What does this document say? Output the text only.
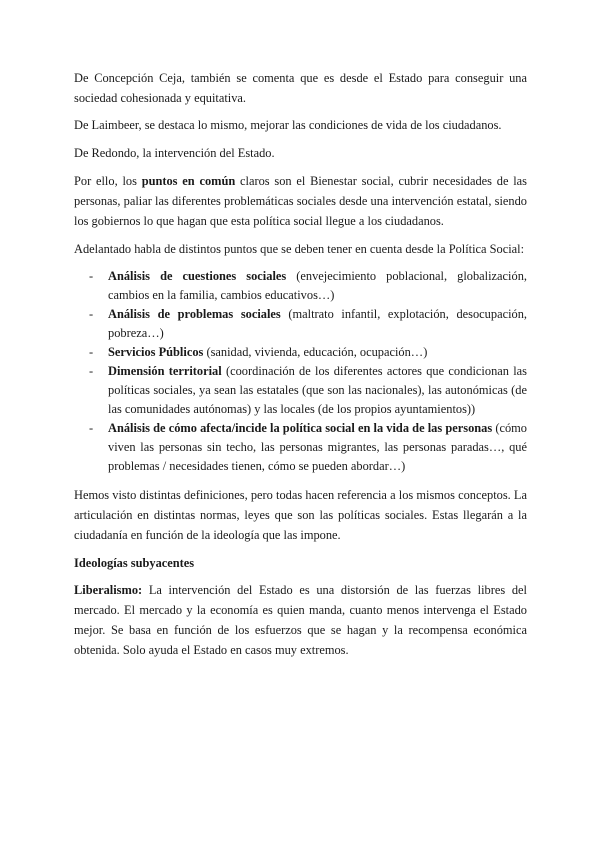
De Concepción Ceja, también se comenta que es desde el Estado para conseguir una sociedad cohesionada y equitativa.

De Laimbeer, se destaca lo mismo, mejorar las condiciones de vida de los ciudadanos.

De Redondo, la intervención del Estado.

Por ello, los puntos en común claros son el Bienestar social, cubrir necesidades de las personas, paliar las diferentes problemáticas sociales desde una intervención estatal, siendo los gobiernos lo que hagan que esta política social llegue a los ciudadanos.

Adelantado habla de distintos puntos que se deben tener en cuenta desde la Política Social:

- Análisis de cuestiones sociales (envejecimiento poblacional, globalización, cambios en la familia, cambios educativos…)
- Análisis de problemas sociales (maltrato infantil, explotación, desocupación, pobreza…)
- Servicios Públicos (sanidad, vivienda, educación, ocupación…)
- Dimensión territorial (coordinación de los diferentes actores que condicionan las políticas sociales, ya sean las estatales (que son las nacionales), las autonómicas (de las comunidades autónomas) y las locales (de los propios ayuntamientos))
- Análisis de cómo afecta/incide la política social en la vida de las personas (cómo viven las personas sin techo, las personas migrantes, las personas paradas…, qué problemas / necesidades tienen, cómo se pueden abordar…)

Hemos visto distintas definiciones, pero todas hacen referencia a los mismos conceptos. La articulación en distintas normas, leyes que son las políticas sociales. Estas llegarán a la ciudadanía en función de la ideología que las impone.

Ideologías subyacentes

Liberalismo: La intervención del Estado es una distorsión de las fuerzas libres del mercado. El mercado y la economía es quien manda, cuanto menos intervenga el Estado mejor. Se basa en función de los esfuerzos que se hagan y la recompensa económica obtenida. Solo ayuda el Estado en casos muy extremos.
